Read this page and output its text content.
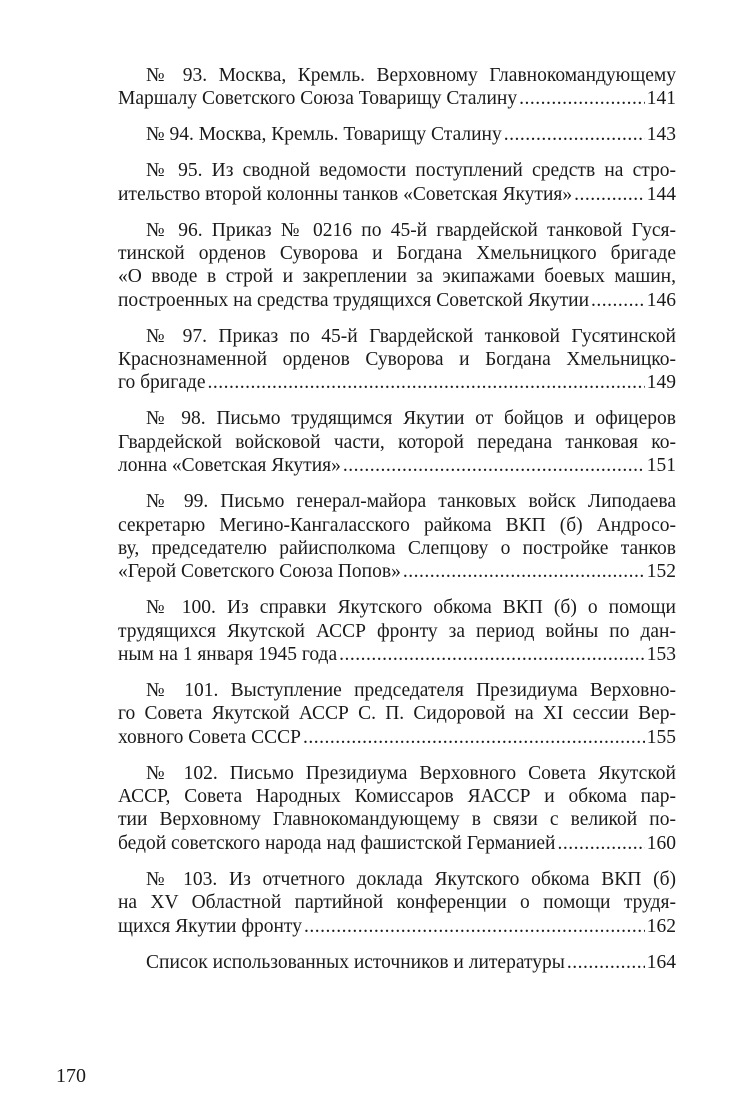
№ 93. Москва, Кремль. Верховному Главнокомандующему
Маршалу Советского Союза Товарищу Сталину .....	141
№ 94. Москва, Кремль. Товарищу Сталину .....	143
№ 95. Из сводной ведомости поступлений средств на стро-
ительство второй колонны танков «Советская Якутия» .....	144
№ 96. Приказ № 0216 по 45-й гвардейской танковой Гуся-
тинской орденов Суворова и Богдана Хмельницкого бригаде
«О вводе в строй и закреплении за экипажами боевых машин,
построенных на средства трудящихся Советской Якутии .....	146
№ 97. Приказ по 45-й Гвардейской танковой Гусятинской
Краснознаменной орденов Суворова и Богдана Хмельницко-
го бригаде .....	149
№ 98. Письмо трудящимся Якутии от бойцов и офицеров
Гвардейской войсковой части, которой передана танковая ко-
лонна «Советская Якутия» .....	151
№ 99. Письмо генерал-майора танковых войск Липодаева
секретарю Мегино-Кангаласского райкома ВКП (б) Андросо-
ву, председателю райисполкома Слепцову о постройке танков
«Герой Советского Союза Попов» .....	152
№ 100. Из справки Якутского обкома ВКП (б) о помощи
трудящихся Якутской АССР фронту за период войны по дан-
ным на 1 января 1945 года .....	153
№ 101. Выступление председателя Президиума Верховно-
го Совета Якутской АССР С. П. Сидоровой на XI сессии Вер-
ховного Совета СССР .....	155
№ 102. Письмо Президиума Верховного Совета Якутской
АССР, Совета Народных Комиссаров ЯАССР и обкома пар-
тии Верховному Главнокомандующему в связи с великой по-
бедой советского народа над фашистской Германией .....	160
№ 103. Из отчетного доклада Якутского обкома ВКП (б)
на XV Областной партийной конференции о помощи трудя-
щихся Якутии фронту .....	162
Список использованных источников и литературы .....	164
170
